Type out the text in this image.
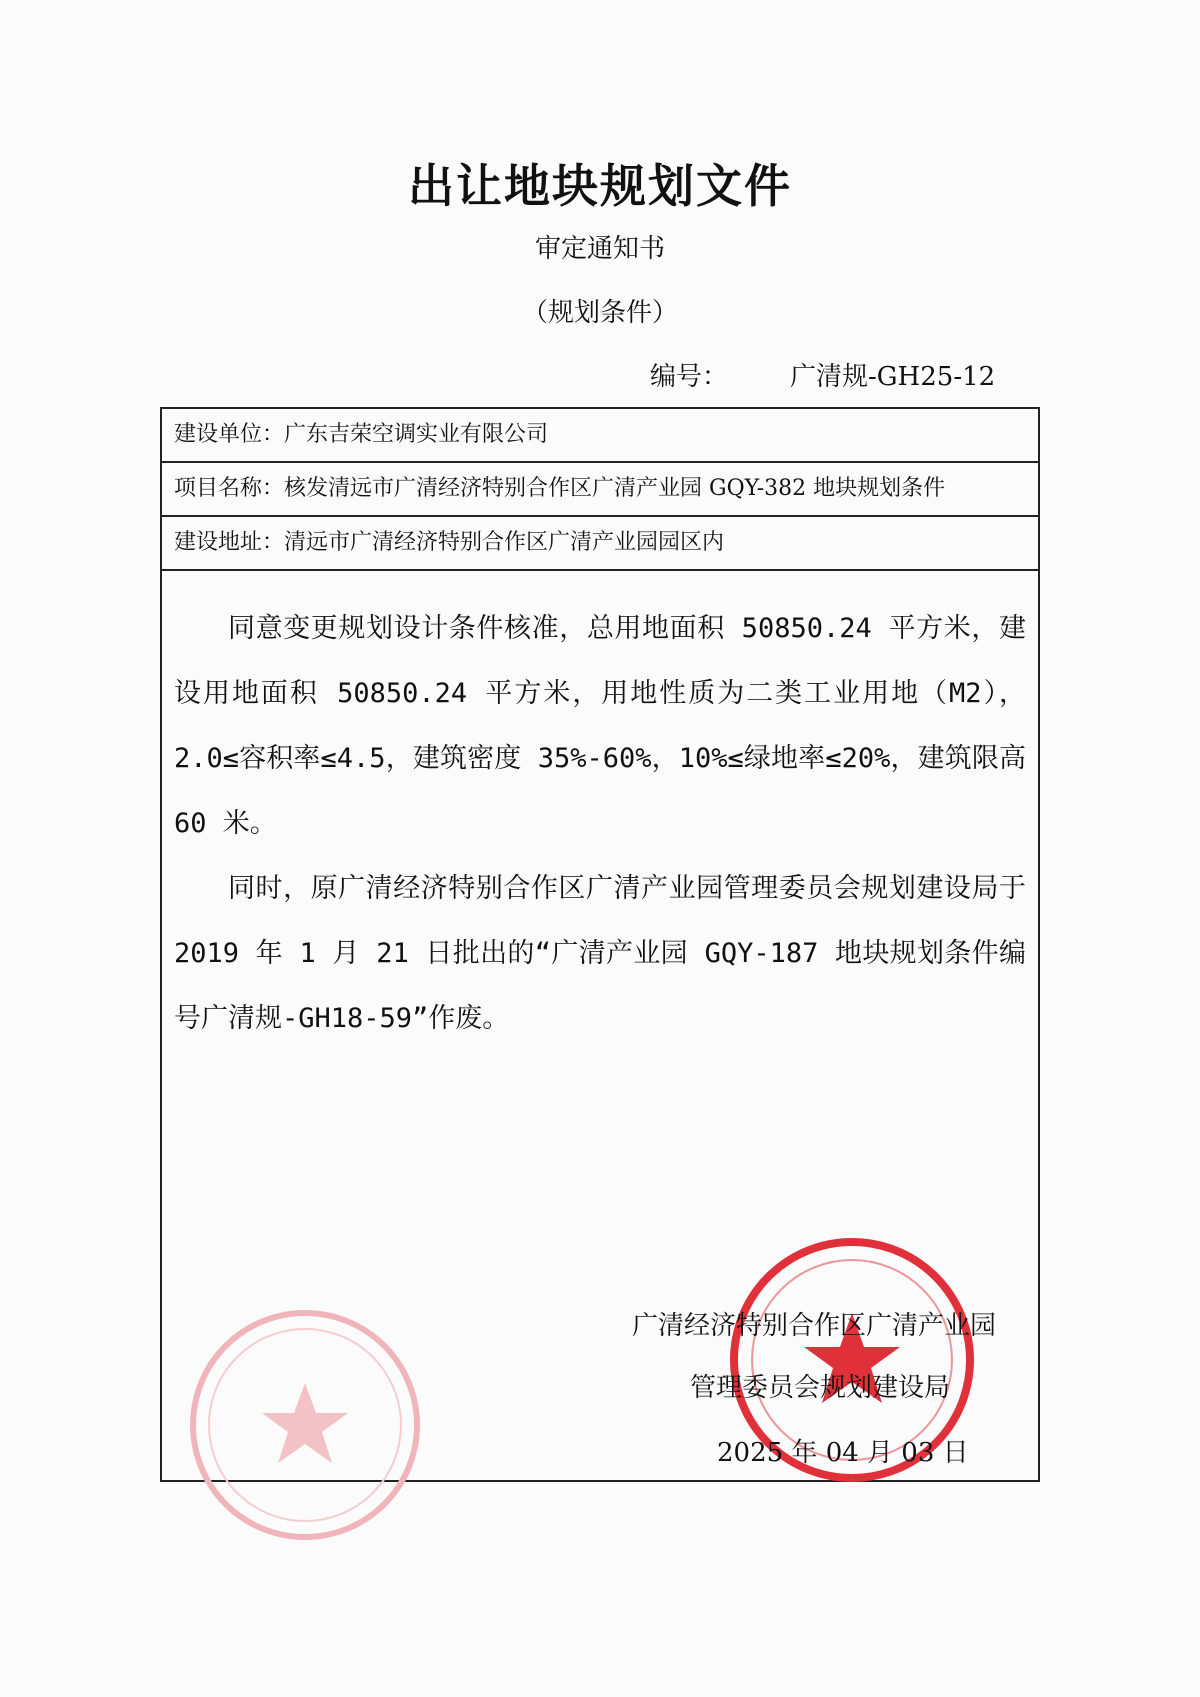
出让地块规划文件
审定通知书
（规划条件）
编号： 广清规-GH25-12
建设单位：广东吉荣空调实业有限公司
项目名称：核发清远市广清经济特别合作区广清产业园 GQY-382 地块规划条件
建设地址：清远市广清经济特别合作区广清产业园园区内

同意变更规划设计条件核准，总用地面积 50850.24 平方米，建设用地面积 50850.24 平方米，用地性质为二类工业用地（M2），2.0≤容积率≤4.5，建筑密度 35%-60%，10%≤绿地率≤20%，建筑限高 60 米。

同时，原广清经济特别合作区广清产业园管理委员会规划建设局于 2019 年 1 月 21 日批出的“广清产业园 GQY-187 地块规划条件编号广清规-GH18-59”作废。

广清经济特别合作区广清产业园
管理委员会规划建设局
2025 年 04 月 03 日
